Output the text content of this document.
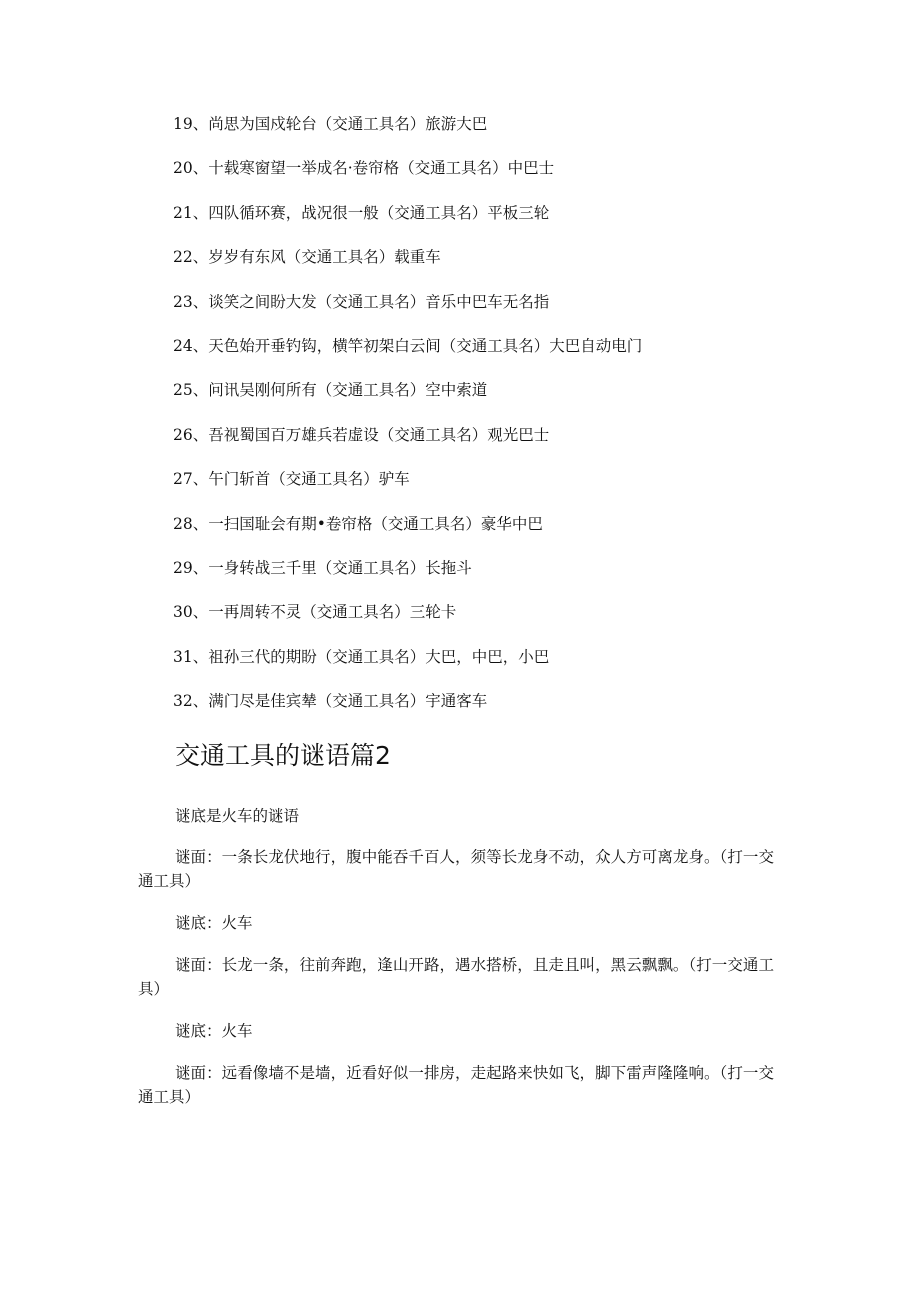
19、尚思为国戍轮台（交通工具名）旅游大巴
20、十载寒窗望一举成名·卷帘格（交通工具名）中巴士
21、四队循环赛，战况很一般（交通工具名）平板三轮
22、岁岁有东风（交通工具名）载重车
23、谈笑之间盼大发（交通工具名）音乐中巴车无名指
24、天色始开垂钓钩，横竿初架白云间（交通工具名）大巴自动电门
25、问讯吴刚何所有（交通工具名）空中索道
26、吾视蜀国百万雄兵若虚设（交通工具名）观光巴士
27、午门斩首（交通工具名）驴车
28、一扫国耻会有期•卷帘格（交通工具名）豪华中巴
29、一身转战三千里（交通工具名）长拖斗
30、一再周转不灵（交通工具名）三轮卡
31、祖孙三代的期盼（交通工具名）大巴，中巴，小巴
32、满门尽是佳宾辇（交通工具名）宇通客车
交通工具的谜语篇2

谜底是火车的谜语

谜面：一条长龙伏地行，腹中能吞千百人，须等长龙身不动，众人方可离龙身。（打一交通工具）

谜底：火车

谜面：长龙一条，往前奔跑，逢山开路，遇水搭桥，且走且叫，黑云飘飘。（打一交通工具）

谜底：火车

谜面：远看像墙不是墙，近看好似一排房，走起路来快如飞，脚下雷声隆隆响。（打一交通工具）
